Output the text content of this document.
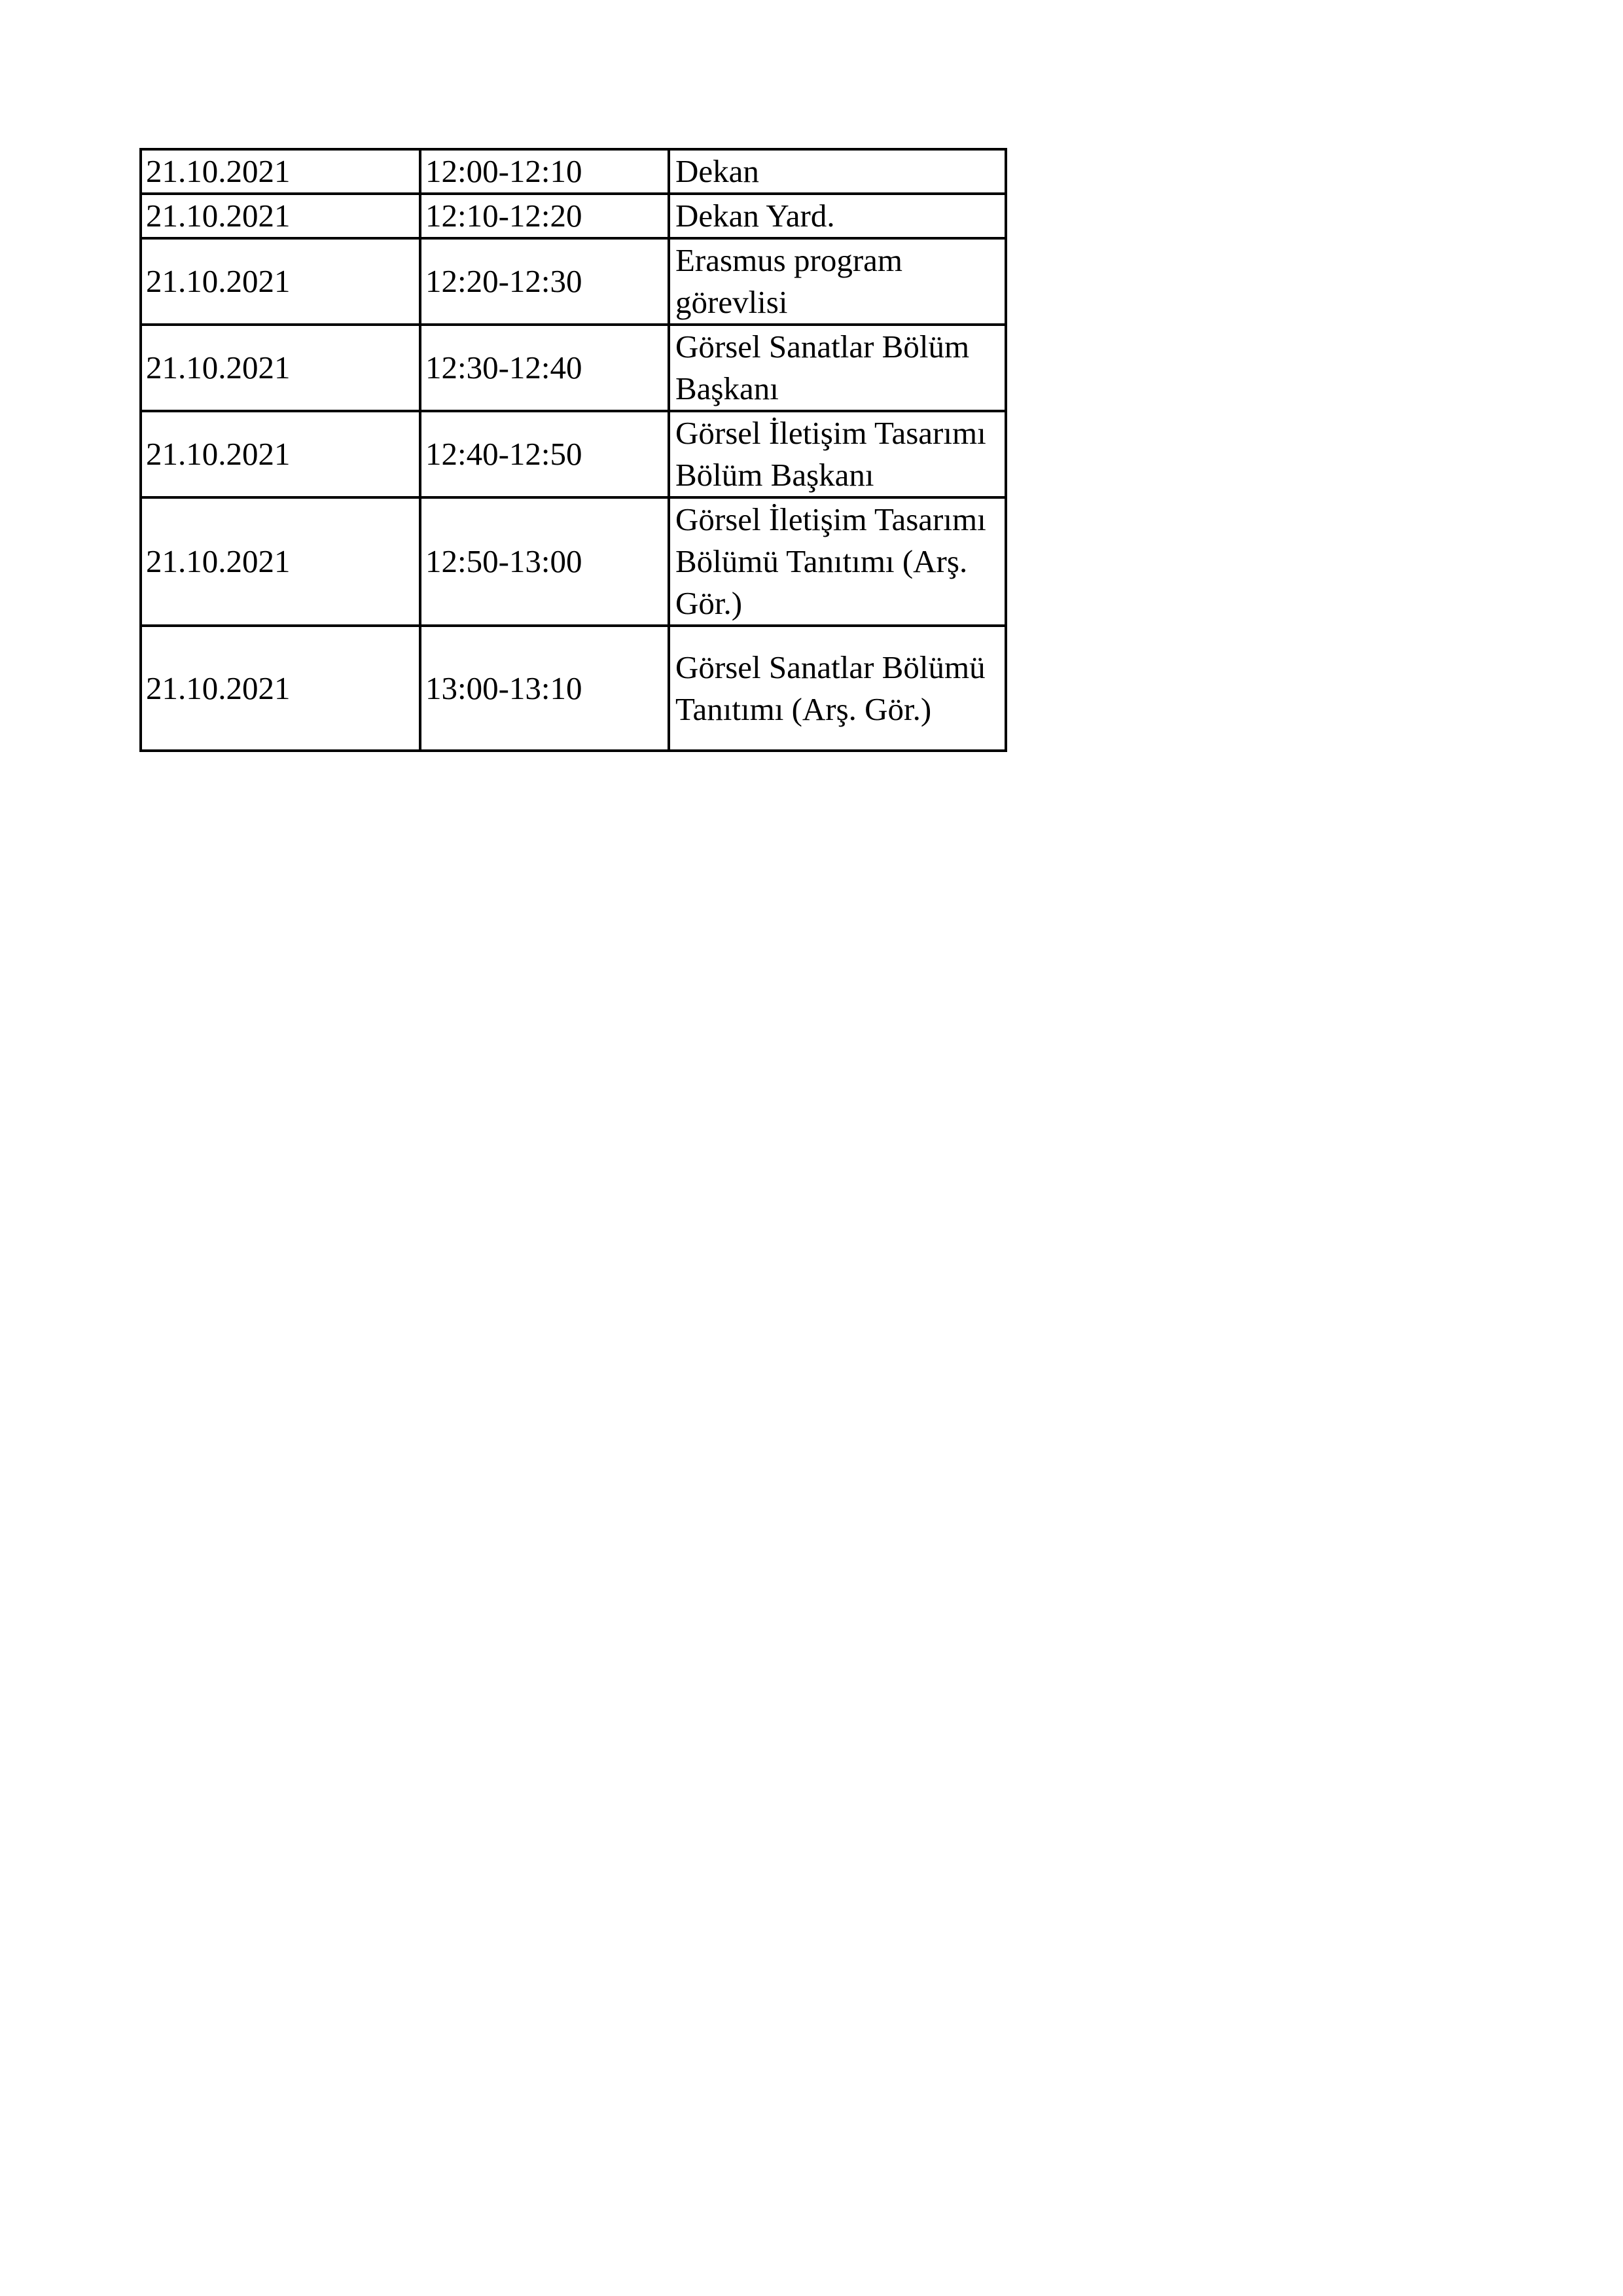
21.10.2021	12:00-12:10	Dekan
21.10.2021	12:10-12:20	Dekan Yard.
21.10.2021	12:20-12:30	Erasmus program görevlisi
21.10.2021	12:30-12:40	Görsel Sanatlar Bölüm Başkanı
21.10.2021	12:40-12:50	Görsel İletişim Tasarımı Bölüm Başkanı
21.10.2021	12:50-13:00	Görsel İletişim Tasarımı Bölümü Tanıtımı (Arş. Gör.)
21.10.2021	13:00-13:10	Görsel Sanatlar Bölümü Tanıtımı (Arş. Gör.)
